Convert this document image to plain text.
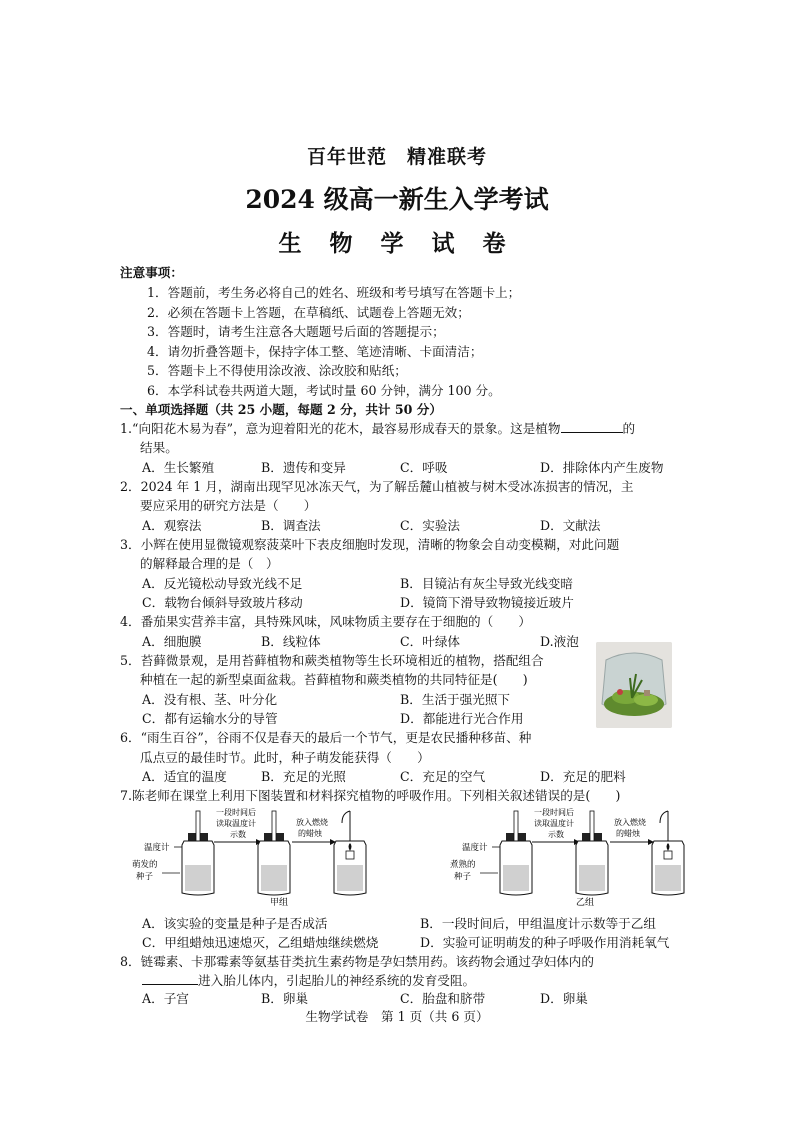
百年世范　精准联考
2024 级高一新生入学考试
生 物 学 试 卷
注意事项：
1．答题前，考生务必将自己的姓名、班级和考号填写在答题卡上；
2．必须在答题卡上答题，在草稿纸、试题卷上答题无效；
3．答题时，请考生注意各大题题号后面的答题提示；
4．请勿折叠答题卡，保持字体工整、笔迹清晰、卡面清洁；
5．答题卡上不得使用涂改液、涂改胶和贴纸；
6．本学科试卷共两道大题，考试时量 60 分钟，满分 100 分。
一、单项选择题（共 25 小题，每题 2 分，共计 50 分）
1.“向阳花木易为春”，意为迎着阳光的花木，最容易形成春天的景象。这是植物	的
结果。
A．生长繁殖	B．遗传和变异	C．呼吸	D．排除体内产生废物
2．2024 年 1 月，湖南出现罕见冰冻天气，为了解岳麓山植被与树木受冰冻损害的情况，主
要应采用的研究方法是（　　）
A．观察法	B．调查法	C．实验法	D．文献法
3．小辉在使用显微镜观察菠菜叶下表皮细胞时发现，清晰的物象会自动变模糊，对此问题
的解释最合理的是（　）
A．反光镜松动导致光线不足	B．目镜沾有灰尘导致光线变暗
C．载物台倾斜导致玻片移动	D．镜筒下滑导致物镜接近玻片
4．番茄果实营养丰富，具特殊风味，风味物质主要存在于细胞的（　　）
A．细胞膜	B．线粒体	C．叶绿体	D.液泡
5．苔藓微景观，是用苔藓植物和蕨类植物等生长环境相近的植物，搭配组合
种植在一起的新型桌面盆栽。苔藓植物和蕨类植物的共同特征是(　　)
A．没有根、茎、叶分化	B．生活于强光照下
C．都有运输水分的导管	D．都能进行光合作用
6．“雨生百谷”，谷雨不仅是春天的最后一个节气，更是农民播种移苗、种
瓜点豆的最佳时节。此时，种子萌发能获得（　　）
A．适宜的温度	B．充足的光照	C．充足的空气	D．充足的肥料
7.陈老师在课堂上利用下图装置和材料探究植物的呼吸作用。下列相关叙述错误的是(　　)
温度计
萌发的
种子
一段时间后
读取温度计
示数
放入燃烧
的蜡烛
甲组
温度计
煮熟的
种子
一段时间后
读取温度计
示数
放入燃烧
的蜡烛
乙组
A．该实验的变量是种子是否成活	B．一段时间后，甲组温度计示数等于乙组
C．甲组蜡烛迅速熄灭，乙组蜡烛继续燃烧	D．实验可证明萌发的种子呼吸作用消耗氧气
8．链霉素、卡那霉素等氨基苷类抗生素药物是孕妇禁用药。该药物会通过孕妇体内的
进入胎儿体内，引起胎儿的神经系统的发育受阻。
A．子宫	B．卵巢	C．胎盘和脐带	D．卵巢
生物学试卷　第 1 页（共 6 页）
